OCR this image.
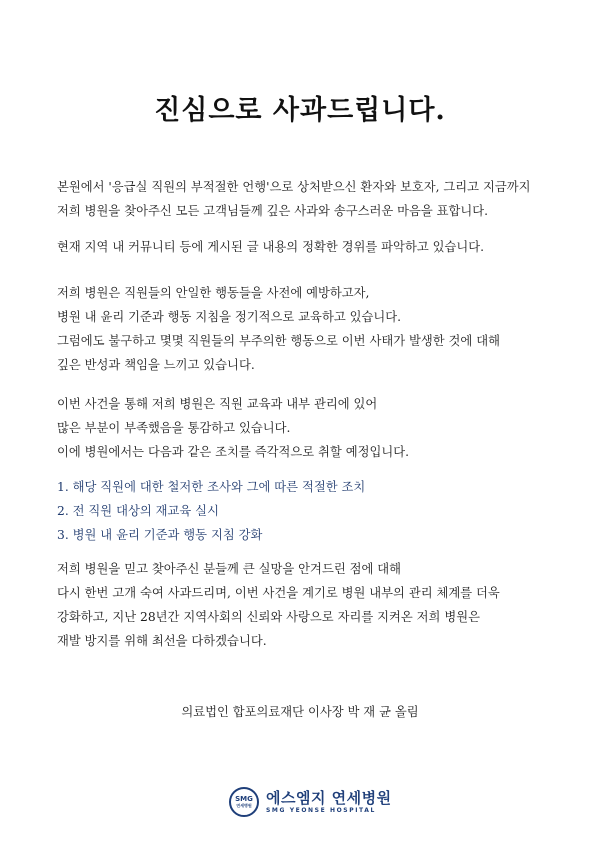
진심으로 사과드립니다.
본원에서 '응급실 직원의 부적절한 언행'으로 상처받으신 환자와 보호자, 그리고 지금까지
저희 병원을 찾아주신 모든 고객님들께 깊은 사과와 송구스러운 마음을 표합니다.
현재 지역 내 커뮤니티 등에 게시된 글 내용의 정확한 경위를 파악하고 있습니다.
저희 병원은 직원들의 안일한 행동들을 사전에 예방하고자,
병원 내 윤리 기준과 행동 지침을 정기적으로 교육하고 있습니다.
그럼에도 불구하고 몇몇 직원들의 부주의한 행동으로 이번 사태가 발생한 것에 대해
깊은 반성과 책임을 느끼고 있습니다.
이번 사건을 통해 저희 병원은 직원 교육과 내부 관리에 있어
많은 부분이 부족했음을 통감하고 있습니다.
이에 병원에서는 다음과 같은 조치를 즉각적으로 취할 예정입니다.
1. 해당 직원에 대한 철저한 조사와 그에 따른 적절한 조치
2. 전 직원 대상의 재교육 실시
3. 병원 내 윤리 기준과 행동 지침 강화
저희 병원을 믿고 찾아주신 분들께 큰 실망을 안겨드린 점에 대해
다시 한번 고개 숙여 사과드리며, 이번 사건을 계기로 병원 내부의 관리 체계를 더욱
강화하고, 지난 28년간 지역사회의 신뢰와 사랑으로 자리를 지켜온 저희 병원은
재발 방지를 위해 최선을 다하겠습니다.
의료법인 합포의료재단 이사장 박 재 균 올림
SMG
연세병원 에스엠지 연세병원
SMG YEONSE HOSPITAL
